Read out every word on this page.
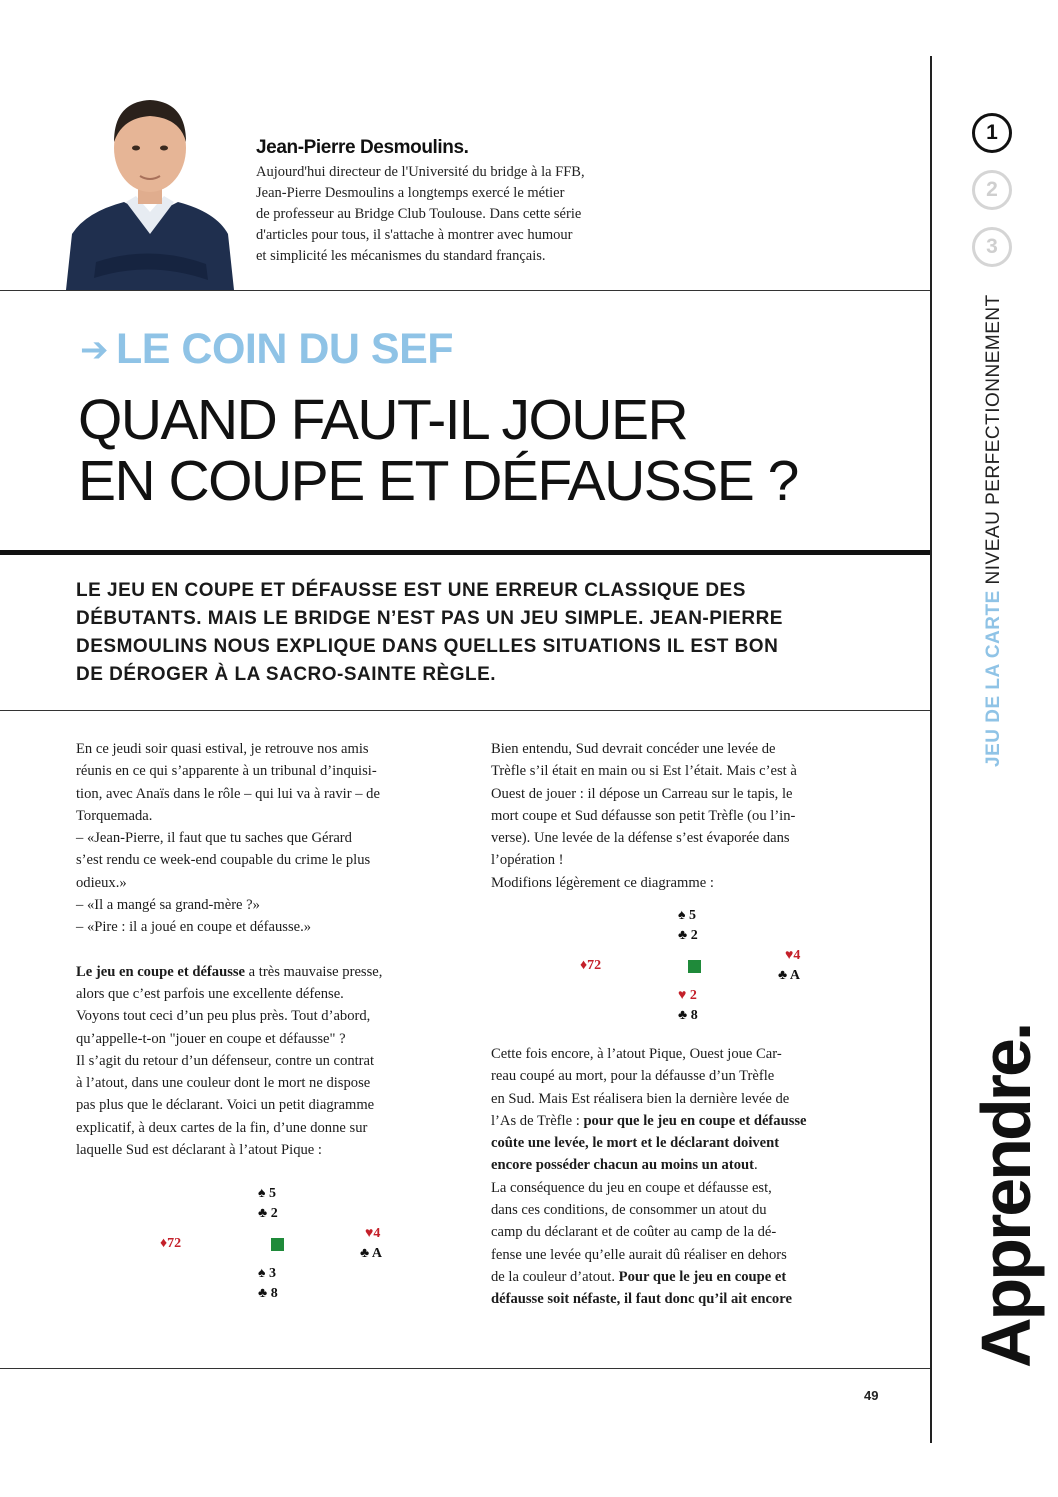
Jean-Pierre Desmoulins.
Aujourd'hui directeur de l'Université du bridge à la FFB,
Jean-Pierre Desmoulins a longtemps exercé le métier
de professeur au Bridge Club Toulouse. Dans cette série
d'articles pour tous, il s'attache à montrer avec humour
et simplicité les mécanismes du standard français.
➔ LE COIN DU SEF
QUAND FAUT-IL JOUER
EN COUPE ET DÉFAUSSE ?
LE JEU EN COUPE ET DÉFAUSSE EST UNE ERREUR CLASSIQUE DES
DÉBUTANTS. MAIS LE BRIDGE N’EST PAS UN JEU SIMPLE. JEAN-PIERRE
DESMOULINS NOUS EXPLIQUE DANS QUELLES SITUATIONS IL EST BON
DE DÉROGER À LA SACRO-SAINTE RÈGLE.
En ce jeudi soir quasi estival, je retrouve nos amis
réunis en ce qui s’apparente à un tribunal d’inquisi-
tion, avec Anaïs dans le rôle – qui lui va à ravir – de
Torquemada.
– «Jean-Pierre, il faut que tu saches que Gérard
s’est rendu ce week-end coupable du crime le plus
odieux.»
– «Il a mangé sa grand-mère ?»
– «Pire : il a joué en coupe et défausse.»
Le jeu en coupe et défausse a très mauvaise presse,
alors que c’est parfois une excellente défense.
Voyons tout ceci d’un peu plus près. Tout d’abord,
qu’appelle-t-on "jouer en coupe et défausse" ?
Il s’agit du retour d’un défenseur, contre un contrat
à l’atout, dans une couleur dont le mort ne dispose
pas plus que le déclarant. Voici un petit diagramme
explicatif, à deux cartes de la fin, d’une donne sur
laquelle Sud est déclarant à l’atout Pique :
♠ 5
♣ 2
♦72
♥4
♣ A
♠ 3
♣ 8
Bien entendu, Sud devrait concéder une levée de
Trèfle s’il était en main ou si Est l’était. Mais c’est à
Ouest de jouer : il dépose un Carreau sur le tapis, le
mort coupe et Sud défausse son petit Trèfle (ou l’in-
verse). Une levée de la défense s’est évaporée dans
l’opération !
Modifions légèrement ce diagramme :
♠ 5
♣ 2
♦72
♥4
♣ A
♥ 2
♣ 8
Cette fois encore, à l’atout Pique, Ouest joue Car-
reau coupé au mort, pour la défausse d’un Trèfle
en Sud. Mais Est réalisera bien la dernière levée de
l’As de Trèfle : pour que le jeu en coupe et défausse
coûte une levée, le mort et le déclarant doivent
encore posséder chacun au moins un atout.
La conséquence du jeu en coupe et défausse est,
dans ces conditions, de consommer un atout du
camp du déclarant et de coûter au camp de la dé-
fense une levée qu’elle aurait dû réaliser en dehors
de la couleur d’atout. Pour que le jeu en coupe et
défausse soit néfaste, il faut donc qu’il ait encore
49
1
2
3
JEU DE LA CARTE NIVEAU PERFECTIONNEMENT
Apprendre.
